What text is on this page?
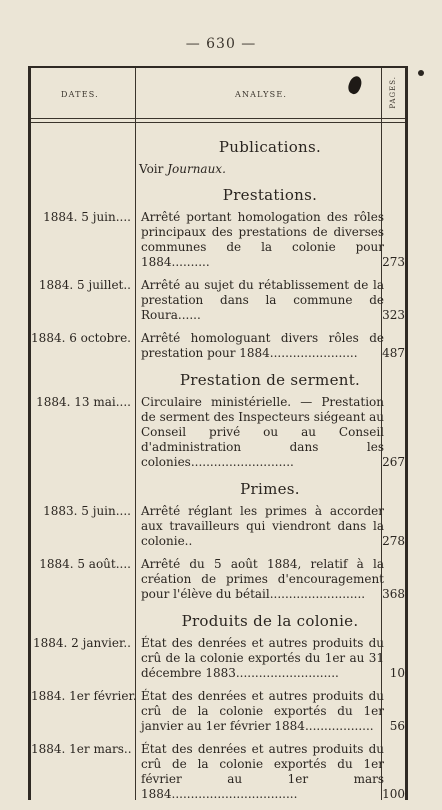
— 630 —
DATES.	ANALYSE.	PAGES.
Publications.
Voir Journaux.
Prestations.
1884. 5 juin.... Arrêté portant homologation des rôles principaux des prestations de diverses communes de la colonie pour 1884..........	273
1884. 5 juillet.. Arrêté au sujet du rétablissement de la prestation dans la commune de Roura......	323
1884. 6 octobre. Arrêté homologuant divers rôles de prestation pour 1884.......................	487
Prestation de serment.
1884. 13 mai.... Circulaire ministérielle. — Prestation de serment des Inspecteurs siégeant au Conseil privé ou au Conseil d'administration dans les colonies...........................	267
Primes.
1883. 5 juin.... Arrêté réglant les primes à accorder aux travailleurs qui viendront dans la colonie..	278
1884. 5 août.... Arrêté du 5 août 1884, relatif à la création de primes d'encouragement pour l'élève du bétail.........................	368
Produits de la colonie.
1884. 2 janvier.. État des denrées et autres produits du crû de la colonie exportés du 1er au 31 décembre 1883...........................	10
1884. 1er février. État des denrées et autres produits du crû de la colonie exportés du 1er janvier au 1er février 1884..................	56
1884. 1er mars.. État des denrées et autres produits du crû de la colonie exportés du 1er février au 1er mars 1884.................................	100
